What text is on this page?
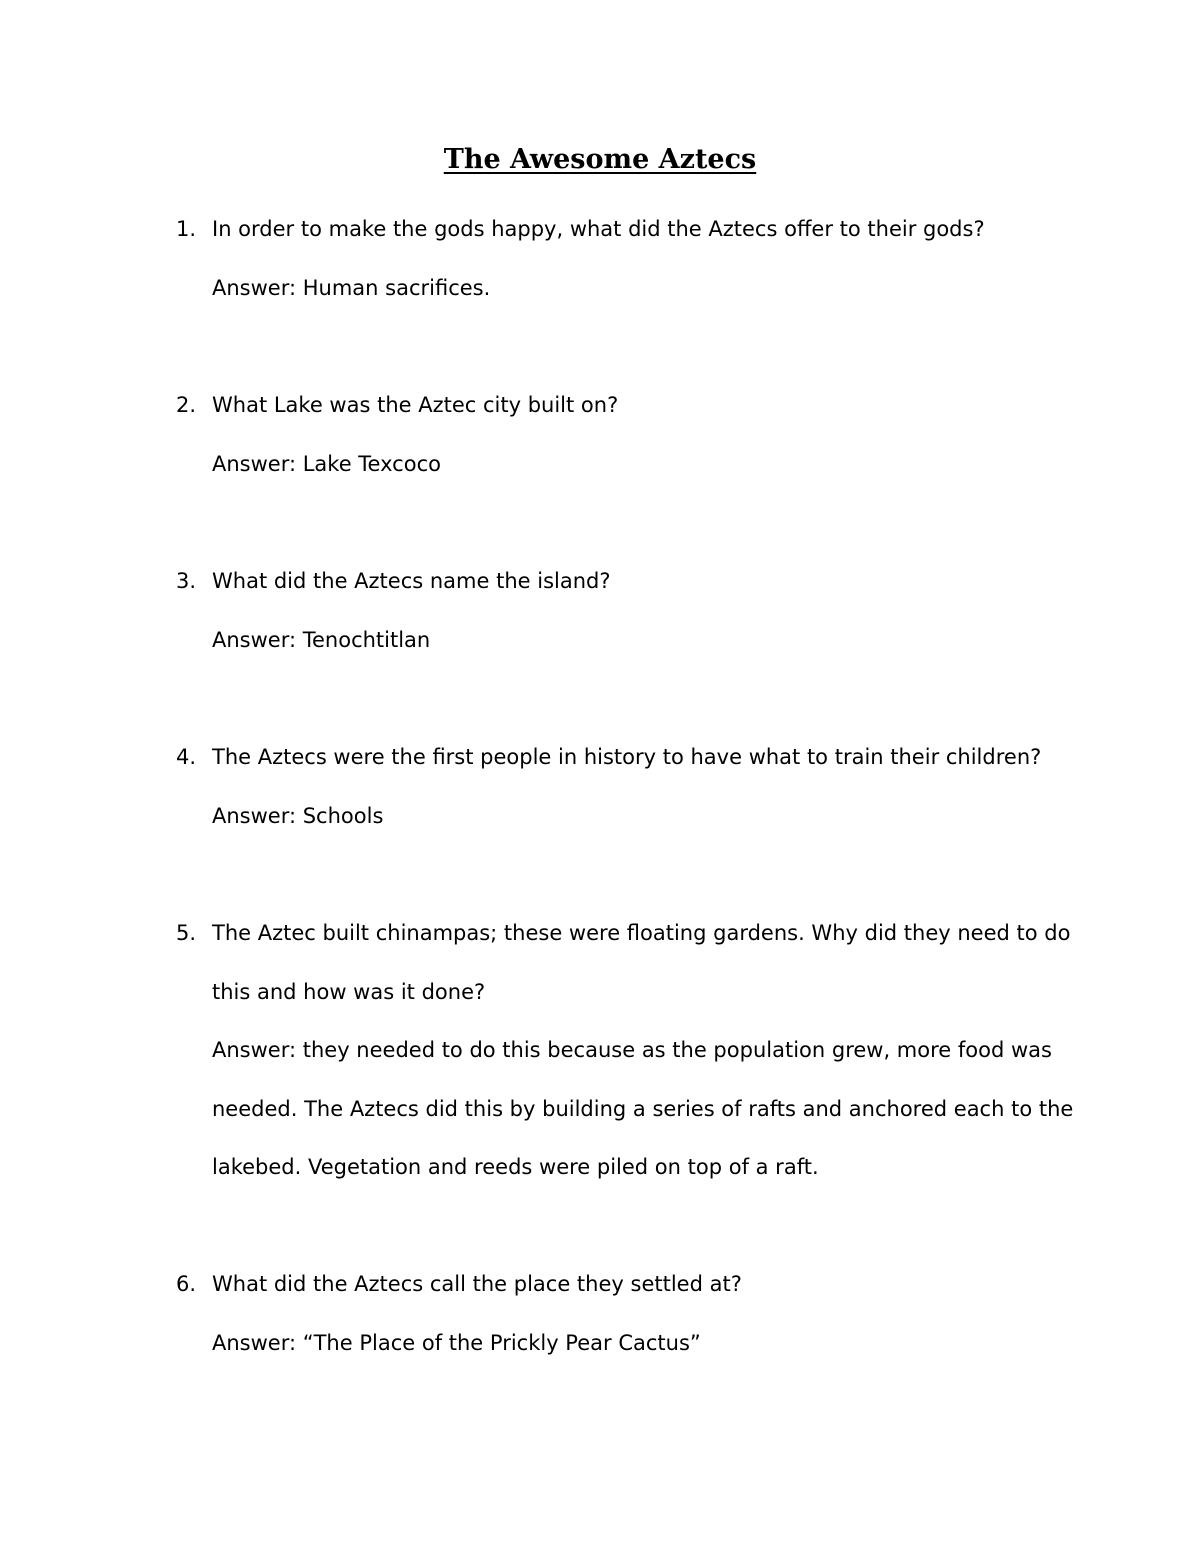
The Awesome Aztecs
1. In order to make the gods happy, what did the Aztecs offer to their gods?
Answer: Human sacrifices.
2. What Lake was the Aztec city built on?
Answer: Lake Texcoco
3. What did the Aztecs name the island?
Answer: Tenochtitlan
4. The Aztecs were the first people in history to have what to train their children?
Answer: Schools
5. The Aztec built chinampas; these were floating gardens. Why did they need to do
this and how was it done?
Answer: they needed to do this because as the population grew, more food was
needed. The Aztecs did this by building a series of rafts and anchored each to the
lakebed. Vegetation and reeds were piled on top of a raft.
6. What did the Aztecs call the place they settled at?
Answer: “The Place of the Prickly Pear Cactus”
